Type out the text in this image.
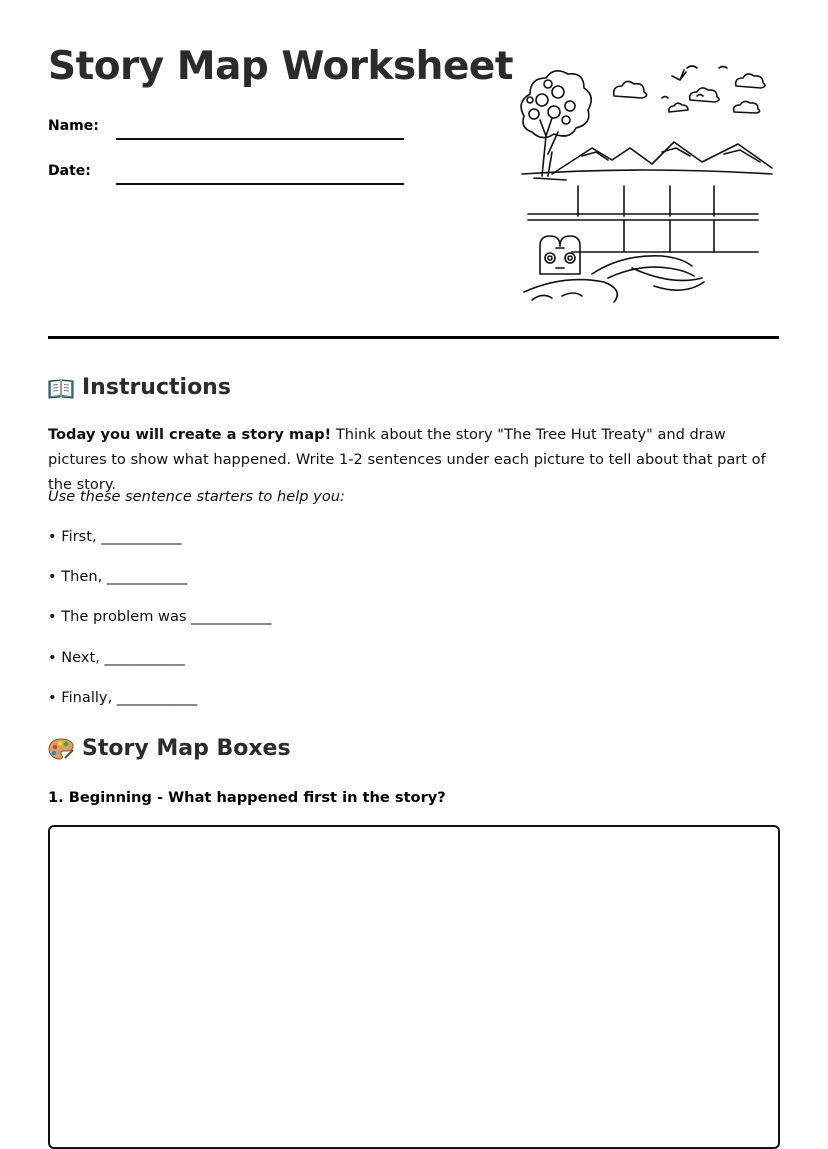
Story Map Worksheet
Name:
Date:
Instructions

Today you will create a story map! Think about the story "The Tree Hut Treaty" and draw pictures to show what happened. Write 1-2 sentences under each picture to tell about that part of the story.

Use these sentence starters to help you:

• First, ___________

• Then, ___________

• The problem was ___________

• Next, ___________

• Finally, ___________

Story Map Boxes

1. Beginning - What happened first in the story?
